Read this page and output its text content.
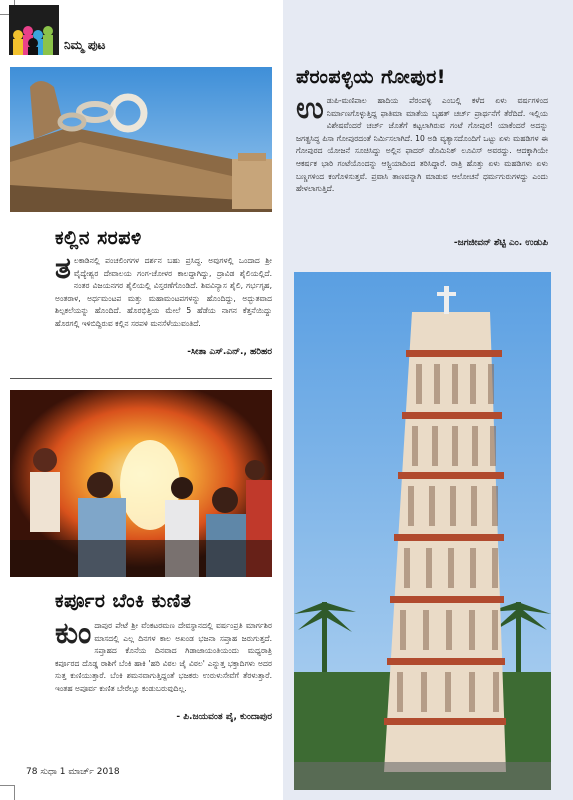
ನಿಮ್ಮ ಪುಟ
ಕಲ್ಲಿನ ಸರಪಳಿ
ತ ಲಕಾಡಿನಲ್ಲಿ ಪಂಚಲಿಂಗಗಳ ದರ್ಶನ ಬಹು ಪ್ರಸಿದ್ಧ. ಅವುಗಳಲ್ಲಿ ಒಂದಾದ ಶ್ರೀ ವೈದ್ಯೇಶ್ವರ ದೇವಾಲಯ ಗಂಗ-ಚೋಳರ ಕಾಲದ್ದಾಗಿದ್ದು, ದ್ರಾವಿಡ ಶೈಲಿಯಲ್ಲಿದೆ. ನಂತರ ವಿಜಯನಗರ ಶೈಲಿಯಲ್ಲಿ ವಿಸ್ತರಣೆಗೊಂಡಿದೆ. ಶಿವವಿನ್ಯಾಸ ಶೈಲಿ, ಗರ್ಭಗೃಹ, ಅಂತರಾಳ, ಅರ್ಧಮಂಟಪ ಮತ್ತು ಮಹಾಮಂಟಪಗಳನ್ನು ಹೊಂದಿದ್ದು, ಅದ್ಭುತವಾದ ಶಿಲ್ಪಕಲೆಯನ್ನು ಹೊಂದಿದೆ. ಹೊರಭಿತ್ತಿಯ ಮೇಲೆ 5 ಹೆಡೆಯ ನಾಗನ ಕೆತ್ತನೆಯಿದ್ದು ಹೊರಗಲ್ಲಿ ಇಳಿಬಿದ್ದಿರುವ ಕಲ್ಲಿನ ಸರಪಳಿ ಮನಸೆಳೆಯುವಂತಿದೆ.
-ಸೀತಾ ಎಸ್.ಎನ್., ಹರಿಹರ
ಕರ್ಪೂರ ಬೆಂಕಿ ಕುಣಿತ
ಕುಂ ದಾಪುರ ಪೇಟೆ ಶ್ರೀ ವೆಂಕಟರಮಣ ದೇವಸ್ಥಾನದಲ್ಲಿ ವರ್ಷಂಪ್ರತಿ ಮಾರ್ಗಶಿರ ಮಾಸದಲ್ಲಿ ಎಲ್ಲ ದಿನಗಳ ಕಾಲ ಅಖಂಡ ಭಜನಾ ಸಪ್ತಾಹ ಜರುಗುತ್ತದೆ. ಸಪ್ತಾಹದ ಕೊನೆಯ ದಿನವಾದ ಗಿಡಾಜಾಯಂತಿಯಂದು ಮಧ್ಯರಾತ್ರಿ ಕರ್ಪೂರದ ದೊಡ್ಡ ರಾಶಿಗೆ ಬೆಂಕಿ ಹಾಕಿ 'ಹರಿ ವಿಠಲ ಜೈ ವಿಠಲ' ಎನ್ನುತ್ತ ಭಕ್ತಾದಿಗಳು ಅದರ ಸುತ್ತ ಕುಣಿಯುತ್ತಾರೆ. ಬೆಂಕಿ ಶಮನವಾಗುತ್ತಿದ್ದಂತೆ ಭಜಕರು ಉರುಳುಸೇವೆಗೆ ತೆರಳುತ್ತಾರೆ. ಇಂತಹ ಅಪೂರ್ವ ಕುಣಿತ ಬೇರೆಲ್ಲೂ ಕಂಡುಬರುವುದಿಲ್ಲ.
- ಪಿ.ಜಯವಂತ ಪೈ, ಕುಂದಾಪುರ
78 ಸುಧಾ 1 ಮಾರ್ಚ್ 2018
ಪೆರಂಪಳ್ಳಿಯ ಗೋಪುರ!
ಉ ಡುಪಿ-ಮಣಿಪಾಲ ಹಾದಿಯ ಪೆರಂಪಳ್ಳಿ ಎಂಬಲ್ಲಿ ಕಳೆದ ಏಳು ವರ್ಷಗಳಿಂದ ನಿರ್ಮಾಣಗೊಳ್ಳುತ್ತಿದ್ದ ಫಾತಿಮಾ ಮಾತೆಯ ಬೃಹತ್ ಚರ್ಚ್ ಪ್ರಾರ್ಥನೆಗೆ ತೆರೆದಿದೆ. ಇಲ್ಲಿಯ ವಿಶೇಷವೆಂದರೆ ಚರ್ಚ್ ಜೊತೆಗೆ ಕಟ್ಟಲಾಗಿರುವ ಗಂಟೆ ಗೋಪುರ! ಯಾಕೆಂದರೆ ಅದನ್ನು ಜಗತ್ಪ್ರಸಿದ್ಧ ಪಿಸಾ ಗೋಪುರದಂತೆ ನಿರ್ಮಿಸಲಾಗಿದೆ. 10 ಅಡಿ ವ್ಯತ್ಯಾಸದೊಂದಿಗೆ ಒಟ್ಟು ಏಳು ಮಹಡಿಗಳ ಈ ಗೋಪುರದ ಯೋಜನೆ ಸೂಚಿಸಿದ್ದು ಅಲ್ಲಿನ ಫಾದರ್ ಡೊಮಿನಿಕ್ ಲೂವಿಸ್ ಅವರದ್ದು. ಆದಕ್ಕಾಗಿಯೇ ಆಕರ್ಷಕ ಭಾರಿ ಗಂಟೆಯೊಂದನ್ನು ಆಸ್ಟ್ರಿಯಾದಿಂದ ತರಿಸಿದ್ದಾರೆ. ರಾತ್ರಿ ಹೊತ್ತು ಏಳು ಮಹಡಿಗಳು ಏಳು ಬಣ್ಣಗಳಿಂದ ಕಂಗೊಳಿಸುತ್ತವೆ. ಪ್ರವಾಸಿ ತಾಣವನ್ನಾಗಿ ಮಾಡುವ ಆಲೋಚನೆ ಧರ್ಮಗುರುಗಳದ್ದು ಎಂದು ಹೇಳಲಾಗುತ್ತಿದೆ.
-ಜಗಜೀವನ್ ಶೆಟ್ಟಿ ಎಂ. ಉಡುಪಿ
